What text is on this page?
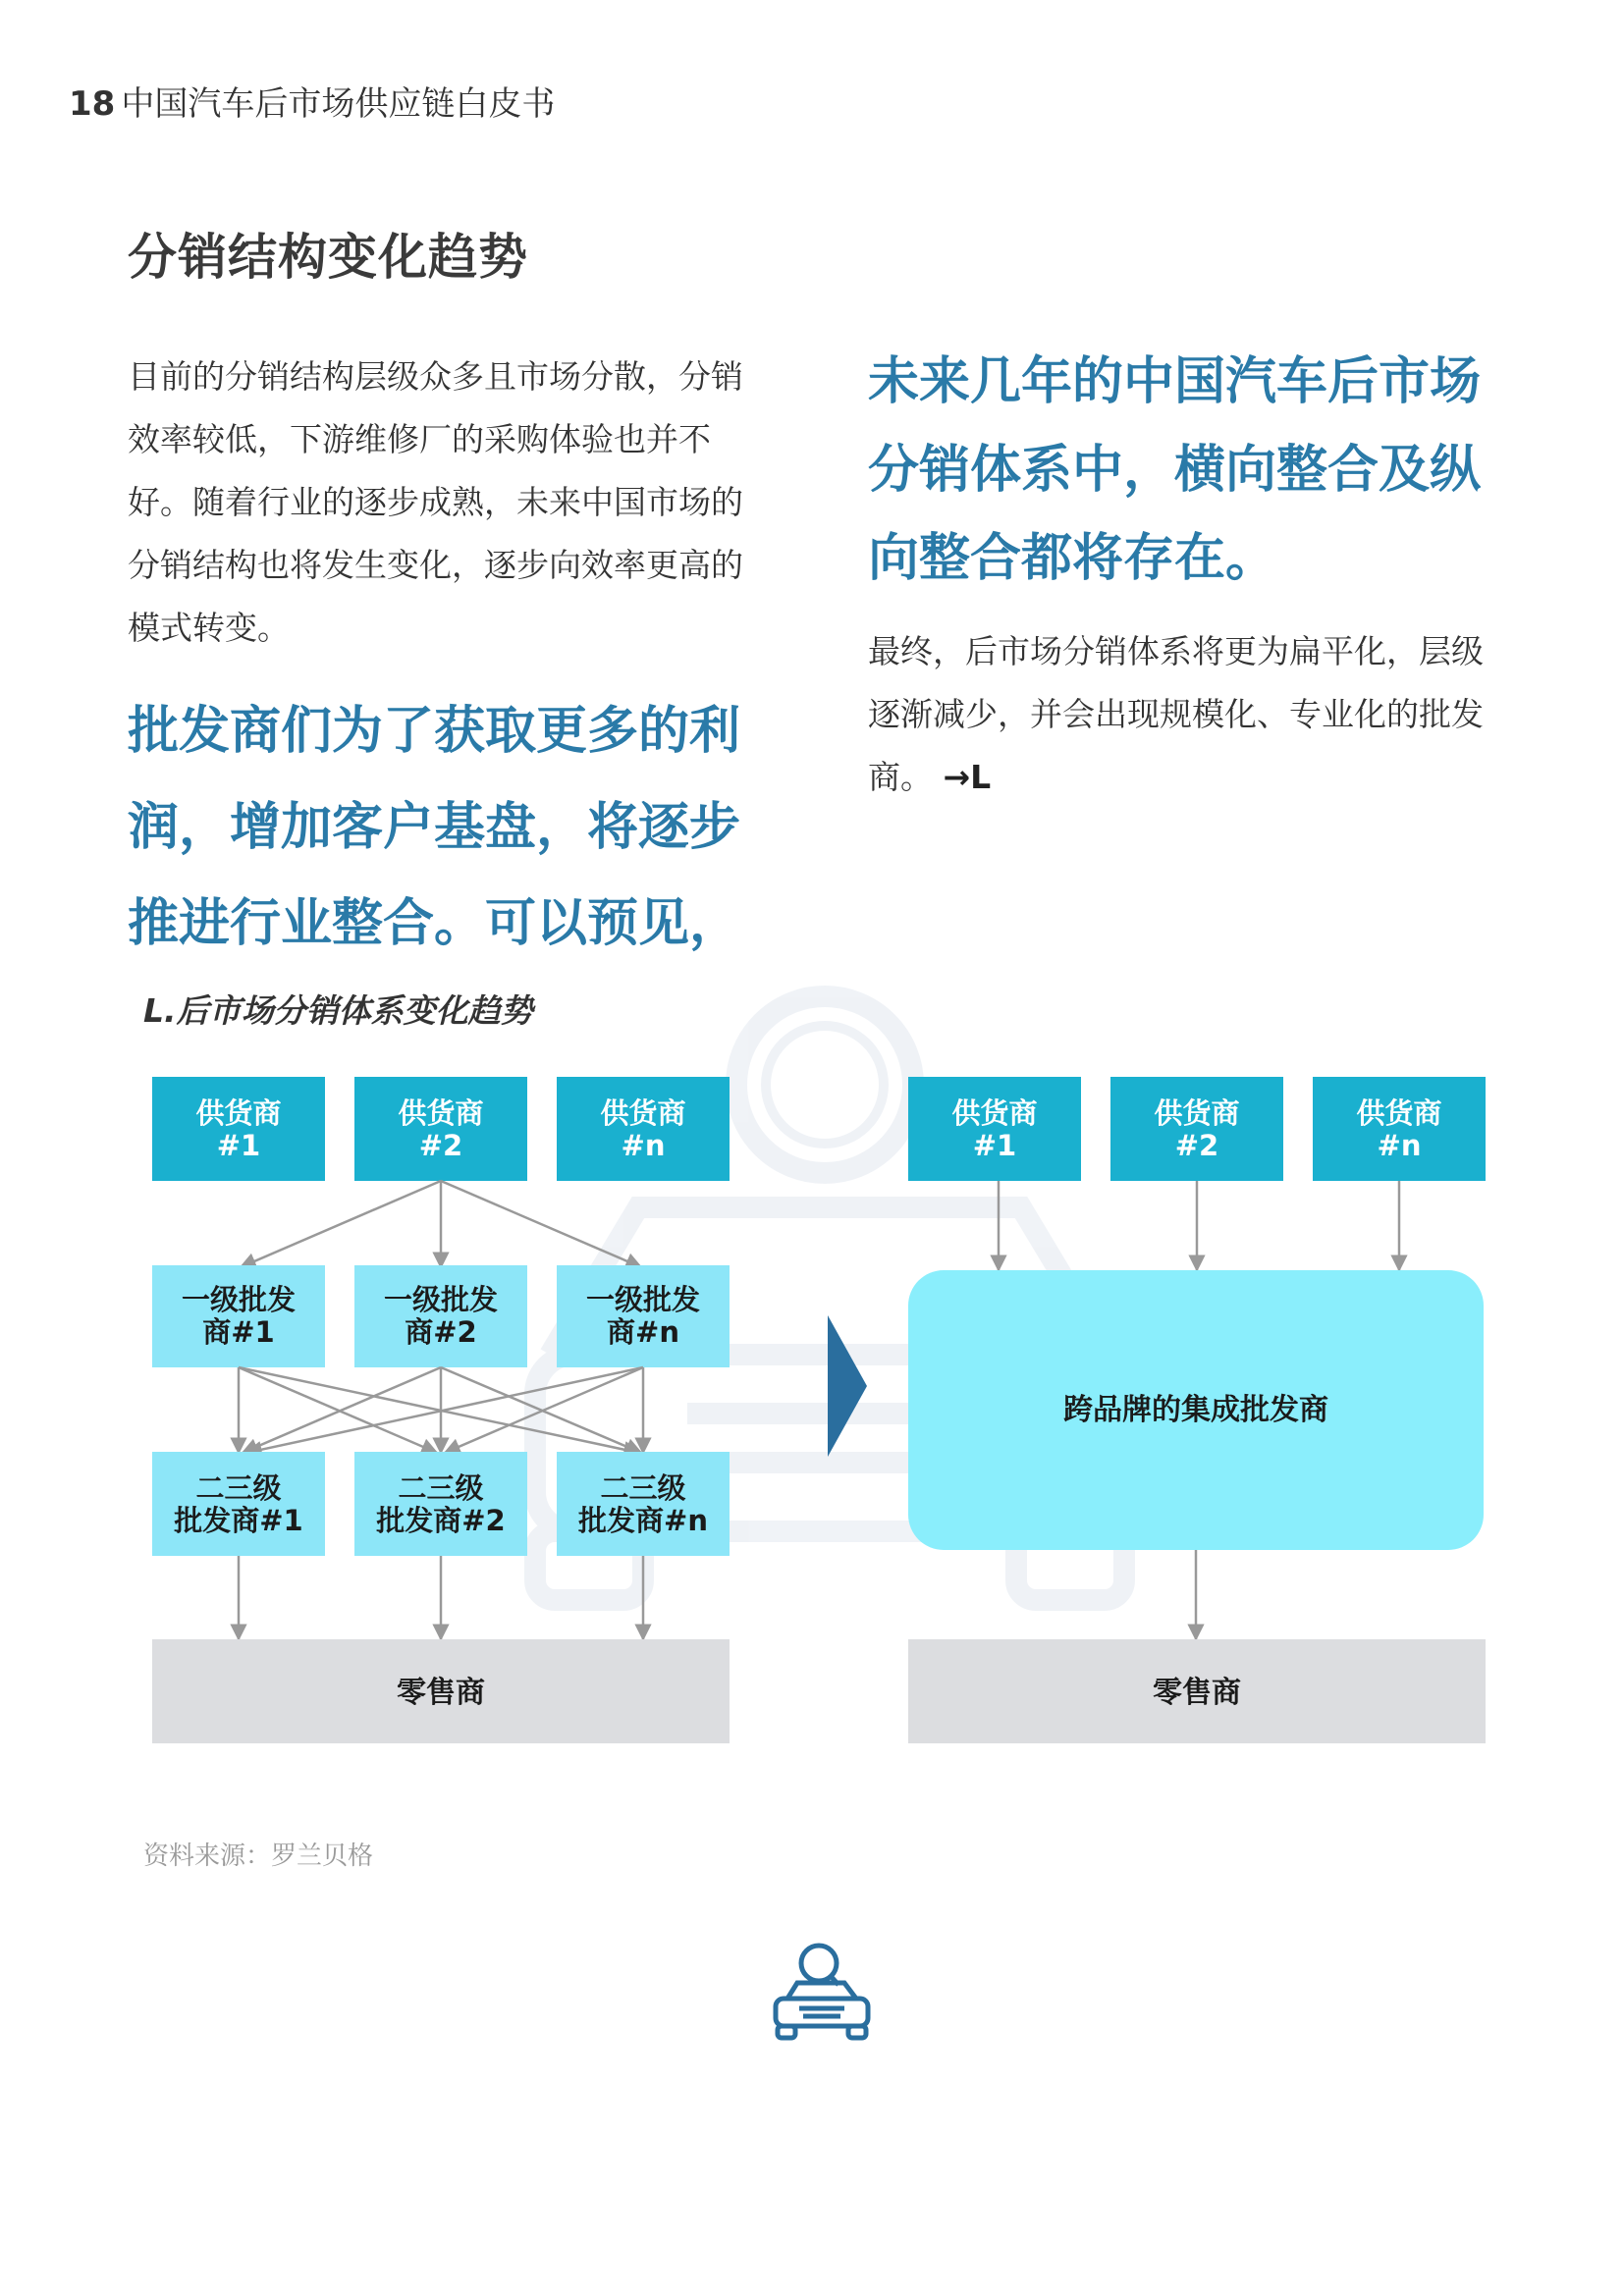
18 中国汽车后市场供应链白皮书
分销结构变化趋势
目前的分销结构层级众多且市场分散，分销效率较低，下游维修厂的采购体验也并不好。随着行业的逐步成熟，未来中国市场的分销结构也将发生变化，逐步向效率更高的模式转变。
批发商们为了获取更多的利润，增加客户基盘，将逐步推进行业整合。可以预见，
未来几年的中国汽车后市场分销体系中，横向整合及纵向整合都将存在。
最终，后市场分销体系将更为扁平化，层级逐渐减少，并会出现规模化、专业化的批发商。 →L
供货商
#1
供货商
#2
供货商
#n
一级批发
商#1
一级批发
商#2
一级批发
商#n
二三级
批发商#1
二三级
批发商#2
二三级
批发商#n
零售商
供货商
#1
供货商
#2
供货商
#n
跨品牌的集成批发商
零售商
L.后市场分销体系变化趋势
资料来源：罗兰贝格
